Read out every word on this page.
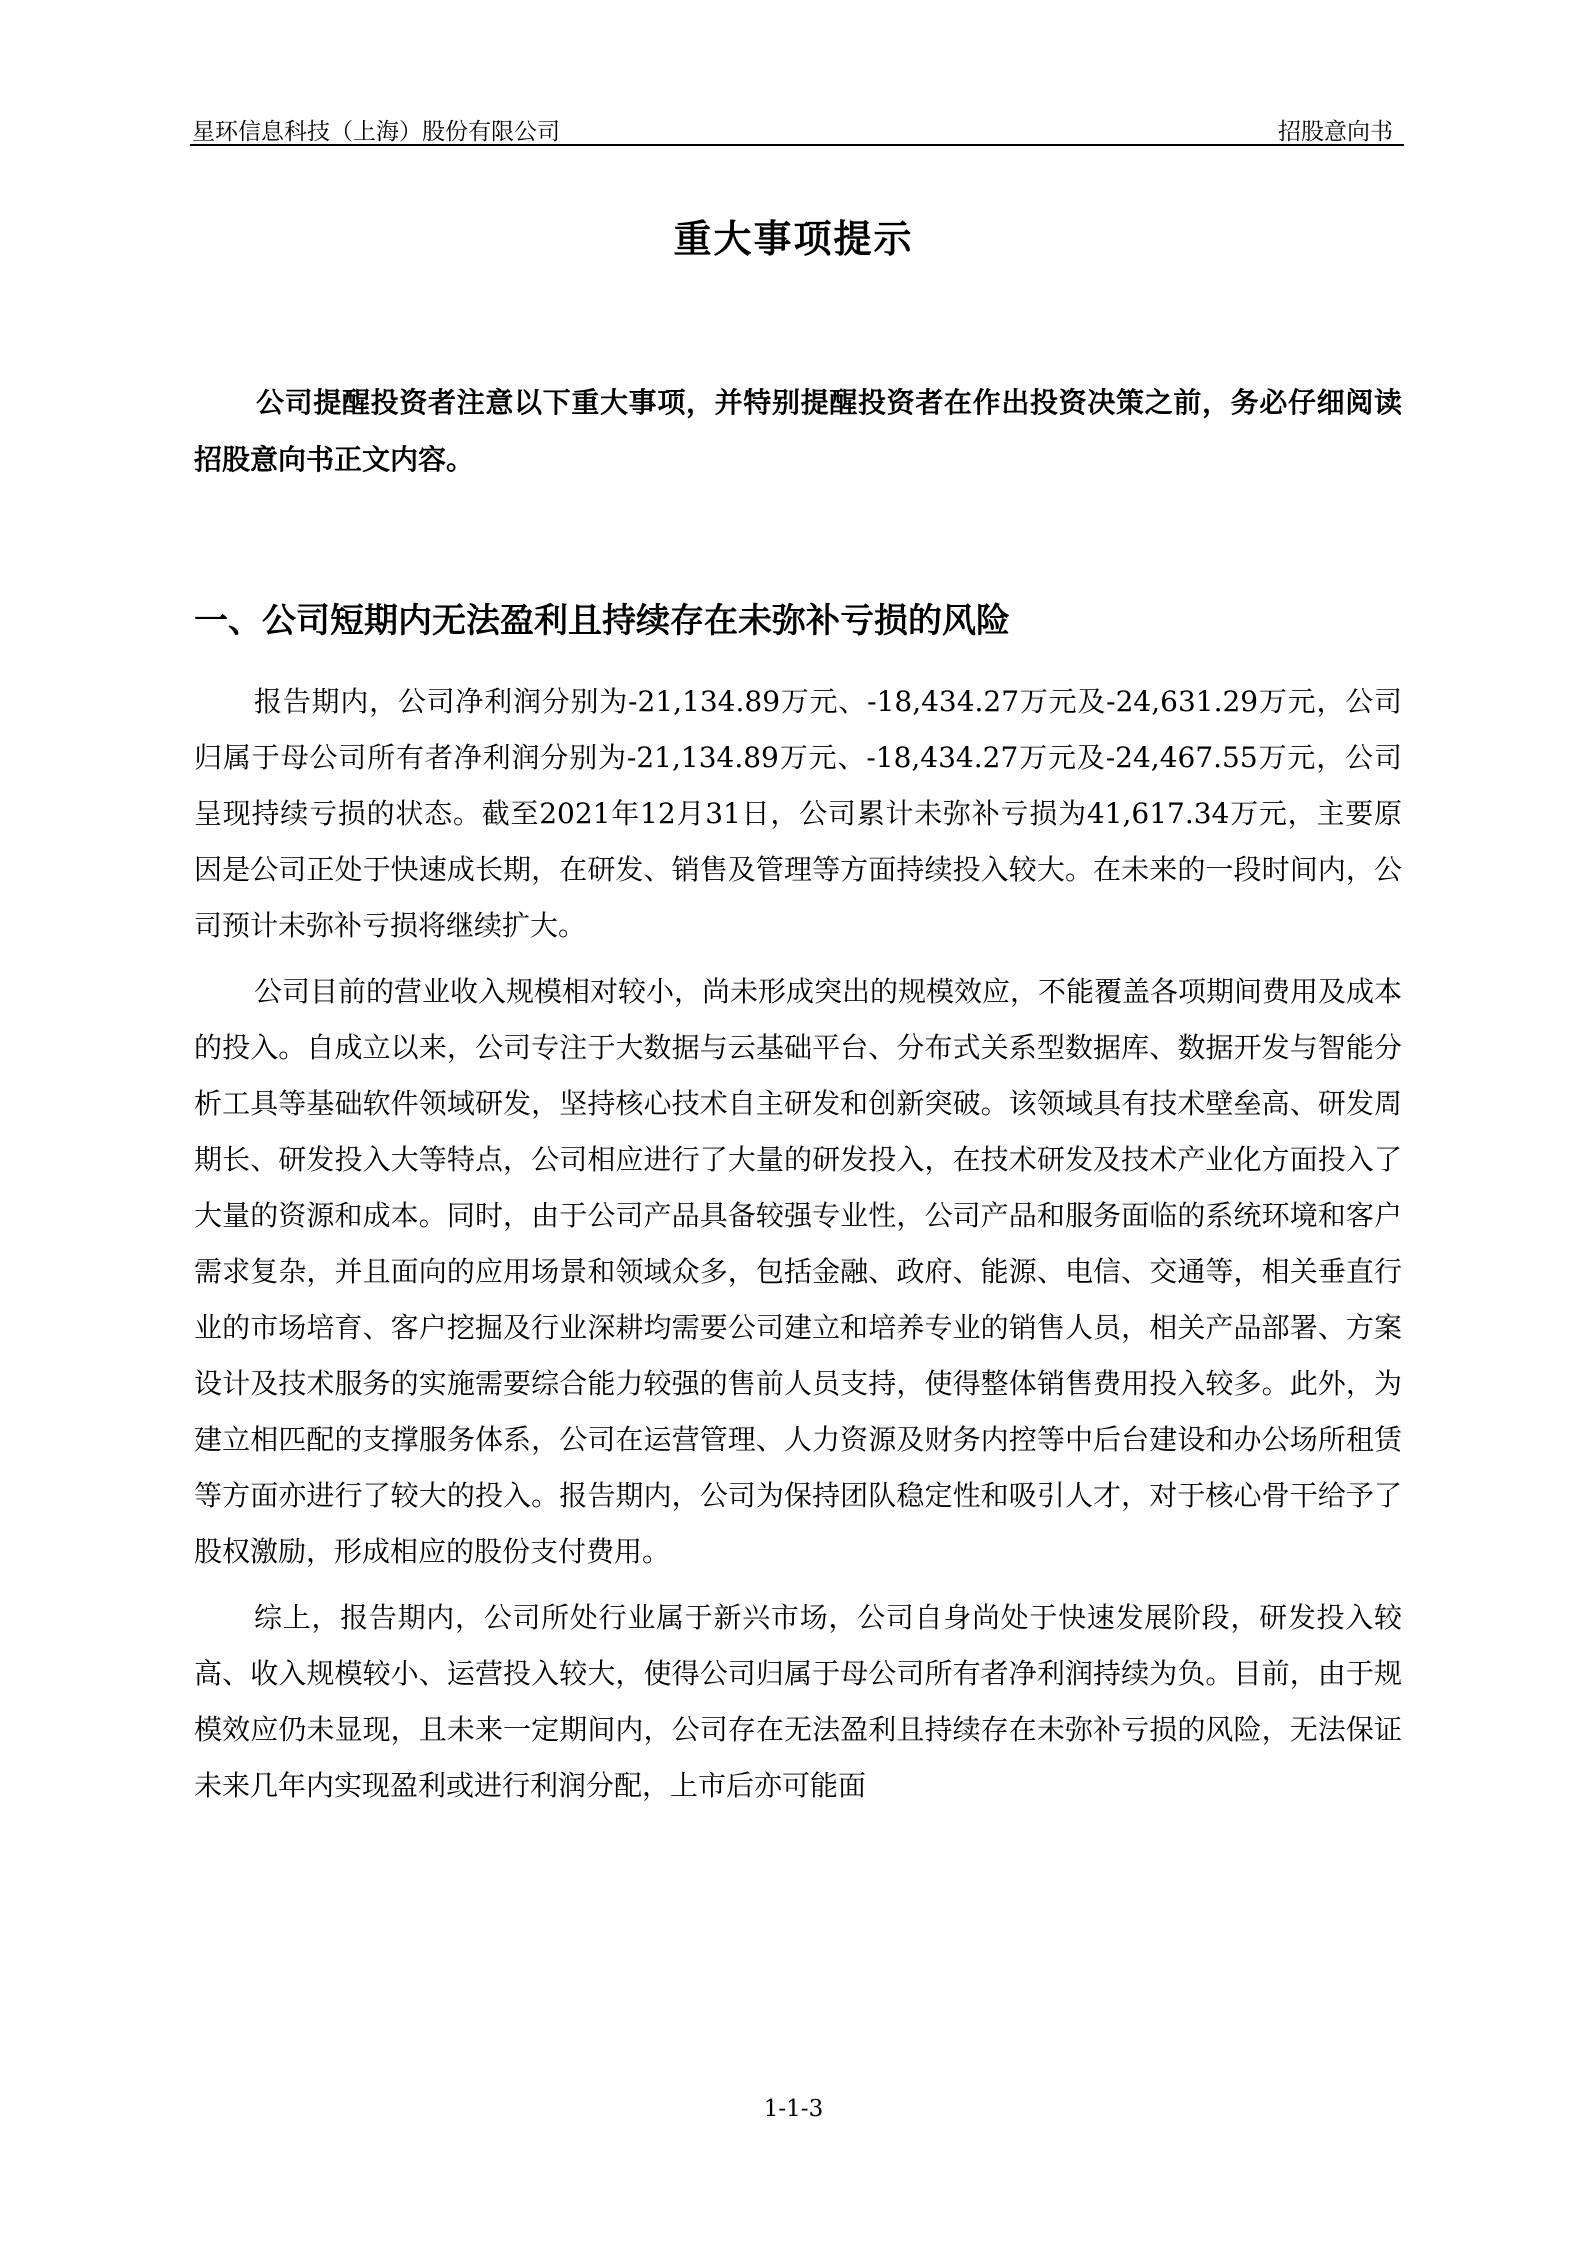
星环信息科技（上海）股份有限公司	招股意向书
重大事项提示

公司提醒投资者注意以下重大事项，并特别提醒投资者在作出投资决策之前，务必仔细阅读招股意向书正文内容。

一、公司短期内无法盈利且持续存在未弥补亏损的风险

报告期内，公司净利润分别为-21,134.89万元、-18,434.27万元及-24,631.29万元，公司归属于母公司所有者净利润分别为-21,134.89万元、-18,434.27万元及-24,467.55万元，公司呈现持续亏损的状态。截至2021年12月31日，公司累计未弥补亏损为41,617.34万元，主要原因是公司正处于快速成长期，在研发、销售及管理等方面持续投入较大。在未来的一段时间内，公司预计未弥补亏损将继续扩大。

公司目前的营业收入规模相对较小，尚未形成突出的规模效应，不能覆盖各项期间费用及成本的投入。自成立以来，公司专注于大数据与云基础平台、分布式关系型数据库、数据开发与智能分析工具等基础软件领域研发，坚持核心技术自主研发和创新突破。该领域具有技术壁垒高、研发周期长、研发投入大等特点，公司相应进行了大量的研发投入，在技术研发及技术产业化方面投入了大量的资源和成本。同时，由于公司产品具备较强专业性，公司产品和服务面临的系统环境和客户需求复杂，并且面向的应用场景和领域众多，包括金融、政府、能源、电信、交通等，相关垂直行业的市场培育、客户挖掘及行业深耕均需要公司建立和培养专业的销售人员，相关产品部署、方案设计及技术服务的实施需要综合能力较强的售前人员支持，使得整体销售费用投入较多。此外，为建立相匹配的支撑服务体系，公司在运营管理、人力资源及财务内控等中后台建设和办公场所租赁等方面亦进行了较大的投入。报告期内，公司为保持团队稳定性和吸引人才，对于核心骨干给予了股权激励，形成相应的股份支付费用。

综上，报告期内，公司所处行业属于新兴市场，公司自身尚处于快速发展阶段，研发投入较高、收入规模较小、运营投入较大，使得公司归属于母公司所有者净利润持续为负。目前，由于规模效应仍未显现，且未来一定期间内，公司存在无法盈利且持续存在未弥补亏损的风险，无法保证未来几年内实现盈利或进行利润分配，上市后亦可能面

1-1-3
